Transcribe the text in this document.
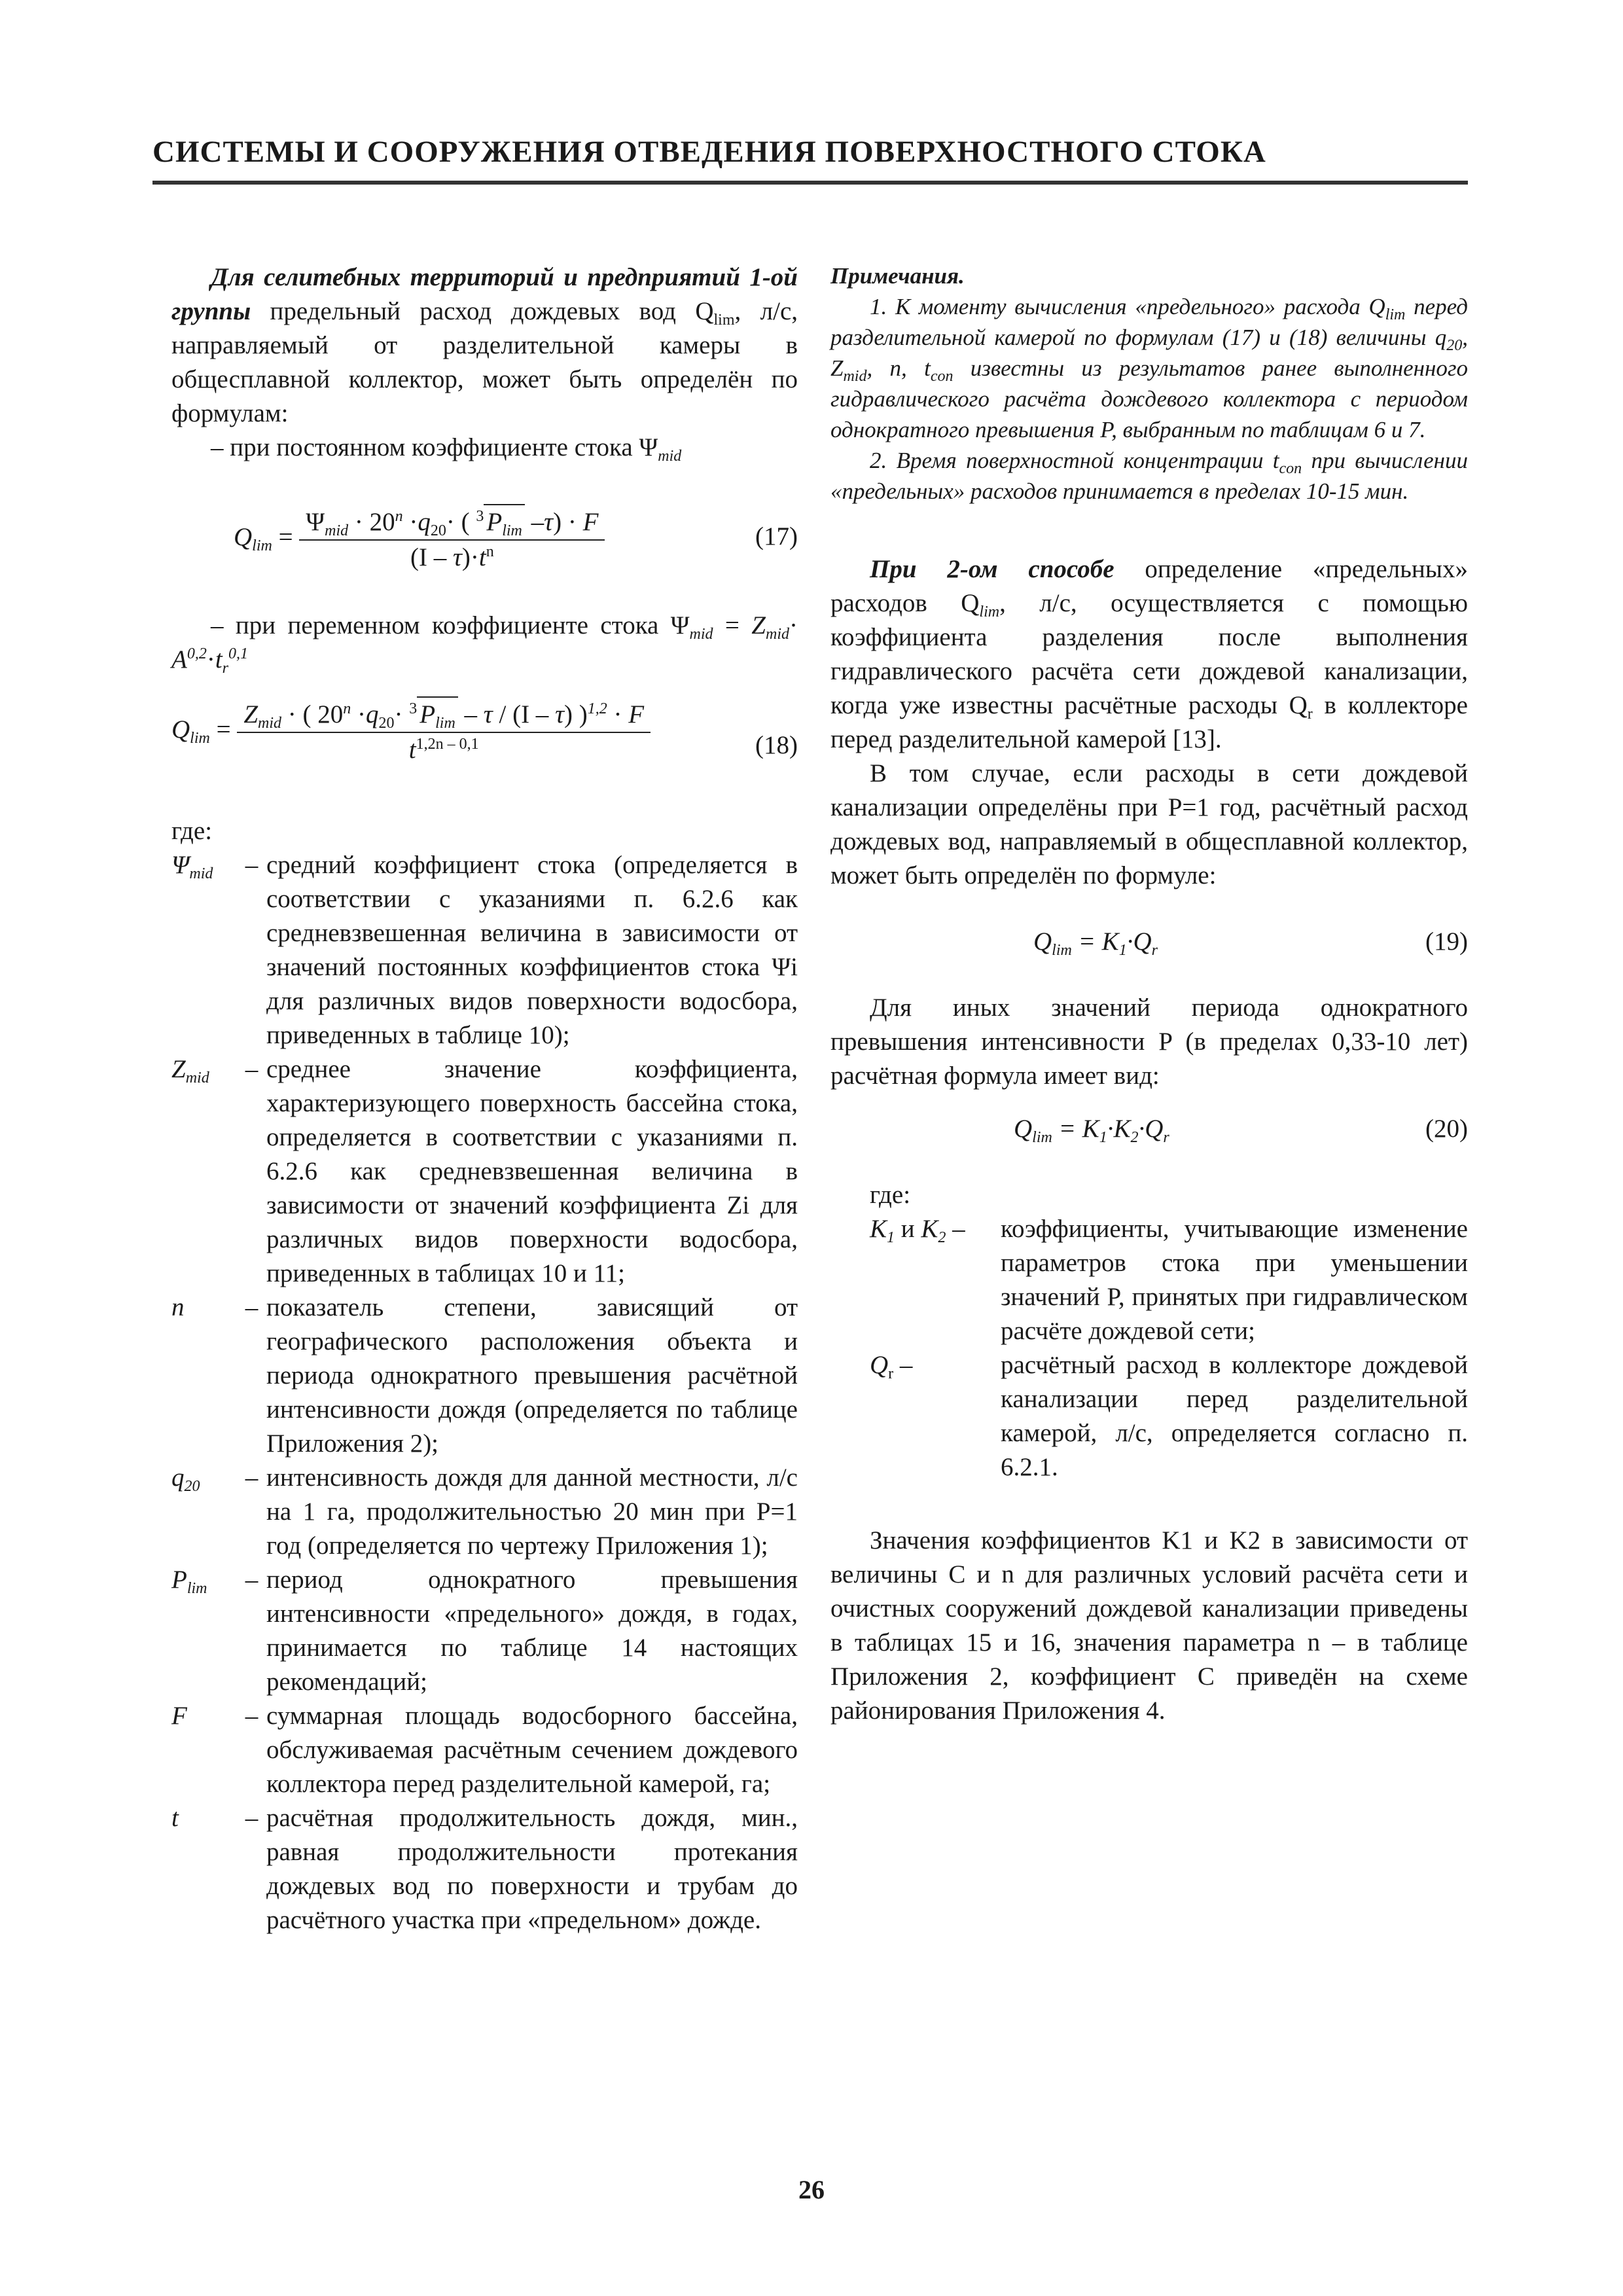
СИСТЕМЫ И СООРУЖЕНИЯ ОТВЕДЕНИЯ ПОВЕРХНОСТНОГО СТОКА

Для селитебных территорий и предприятий 1-ой группы предельный расход дождевых вод $Q_{lim}$, л/с, направляемый от разделительной камеры в общесплавной коллектор, может быть определён по формулам:

– при постоянном коэффициенте стока $\Psi_{mid}$

$Q_{lim} = \frac{\Psi_{mid} \cdot 20^n \cdot q_{20}\cdot ( ^3 P_{lim} -\tau) \cdot F}{(I - \tau)\cdot t^n}$	(17)

– при переменном коэффициенте стока $\Psi_{mid} = Z_{mid}\cdot A^{0,2}\cdot t_r^{0,1}$

$Q_{lim} = \frac{Z_{mid} \cdot ( 20^n \cdot q_{20}\cdot ^3 P_{lim} - \tau / (I - \tau) )^{1,2} \cdot F}{t^{1,2n - 0,1}}$	(18)

где:

$\Psi_{mid}$	– средний коэффициент стока (определяется в соответствии с указаниями п. 6.2.6 как средневзвешенная величина в зависимости от значений постоянных коэффициентов стока Ψi для различных видов поверхности водосбора, приведенных в таблице 10);
$Z_{mid}$	– среднее значение коэффициента, характеризующего поверхность бассейна стока, определяется в соответствии с указаниями п. 6.2.6 как средневзвешенная величина в зависимости от значений коэффициента Zi для различных видов поверхности водосбора, приведенных в таблицах 10 и 11;
n	– показатель степени, зависящий от географического расположения объекта и периода однократного превышения расчётной интенсивности дождя (определяется по таблице Приложения 2);
$q_{20}$	– интенсивность дождя для данной местности, л/с на 1 га, продолжительностью 20 мин при P=1 год (определяется по чертежу Приложения 1);
$P_{lim}$	– период однократного превышения интенсивности «предельного» дождя, в годах, принимается по таблице 14 настоящих рекомендаций;
F	– суммарная площадь водосборного бассейна, обслуживаемая расчётным сечением дождевого коллектора перед разделительной камерой, га;
t	– расчётная продолжительность дождя, мин., равная продолжительности протекания дождевых вод по поверхности и трубам до расчётного участка при «предельном» дожде.

Примечания.

1. К моменту вычисления «предельного» расхода $Q_{lim}$ перед разделительной камерой по формулам (17) и (18) величины $q_{20}$, $Z_{mid}$, n, $t_{con}$ известны из результатов ранее выполненного гидравлического расчёта дождевого коллектора с периодом однократного превышения P, выбранным по таблицам 6 и 7.

2. Время поверхностной концентрации $t_{con}$ при вычислении «предельных» расходов принимается в пределах 10-15 мин.

При 2-ом способе определение «предельных» расходов $Q_{lim}$, л/с, осуществляется с помощью коэффициента разделения после выполнения гидравлического расчёта сети дождевой канализации, когда уже известны расчётные расходы $Q_r$ в коллекторе перед разделительной камерой [13].

В том случае, если расходы в сети дождевой канализации определёны при P=1 год, расчётный расход дождевых вод, направляемый в общесплавной коллектор, может быть определён по формуле:

$Q_{lim} = K_1\cdot Q_r$	(19)

Для иных значений периода однократного превышения интенсивности P (в пределах 0,33-10 лет) расчётная формула имеет вид:

$Q_{lim} = K_1\cdot K_2\cdot Q_r$	(20)

где:

$K_1$ и $K_2$ –	коэффициенты, учитывающие изменение параметров стока при уменьшении значений P, принятых при гидравлическом расчёте дождевой сети;
$Q_r$ –	расчётный расход в коллекторе дождевой канализации перед разделительной камерой, л/с, определяется согласно п. 6.2.1.

Значения коэффициентов K1 и K2 в зависимости от величины C и n для различных условий расчёта сети и очистных сооружений дождевой канализации приведены в таблицах 15 и 16, значения параметра n – в таблице Приложения 2, коэффициент C приведён на схеме районирования Приложения 4.

26
